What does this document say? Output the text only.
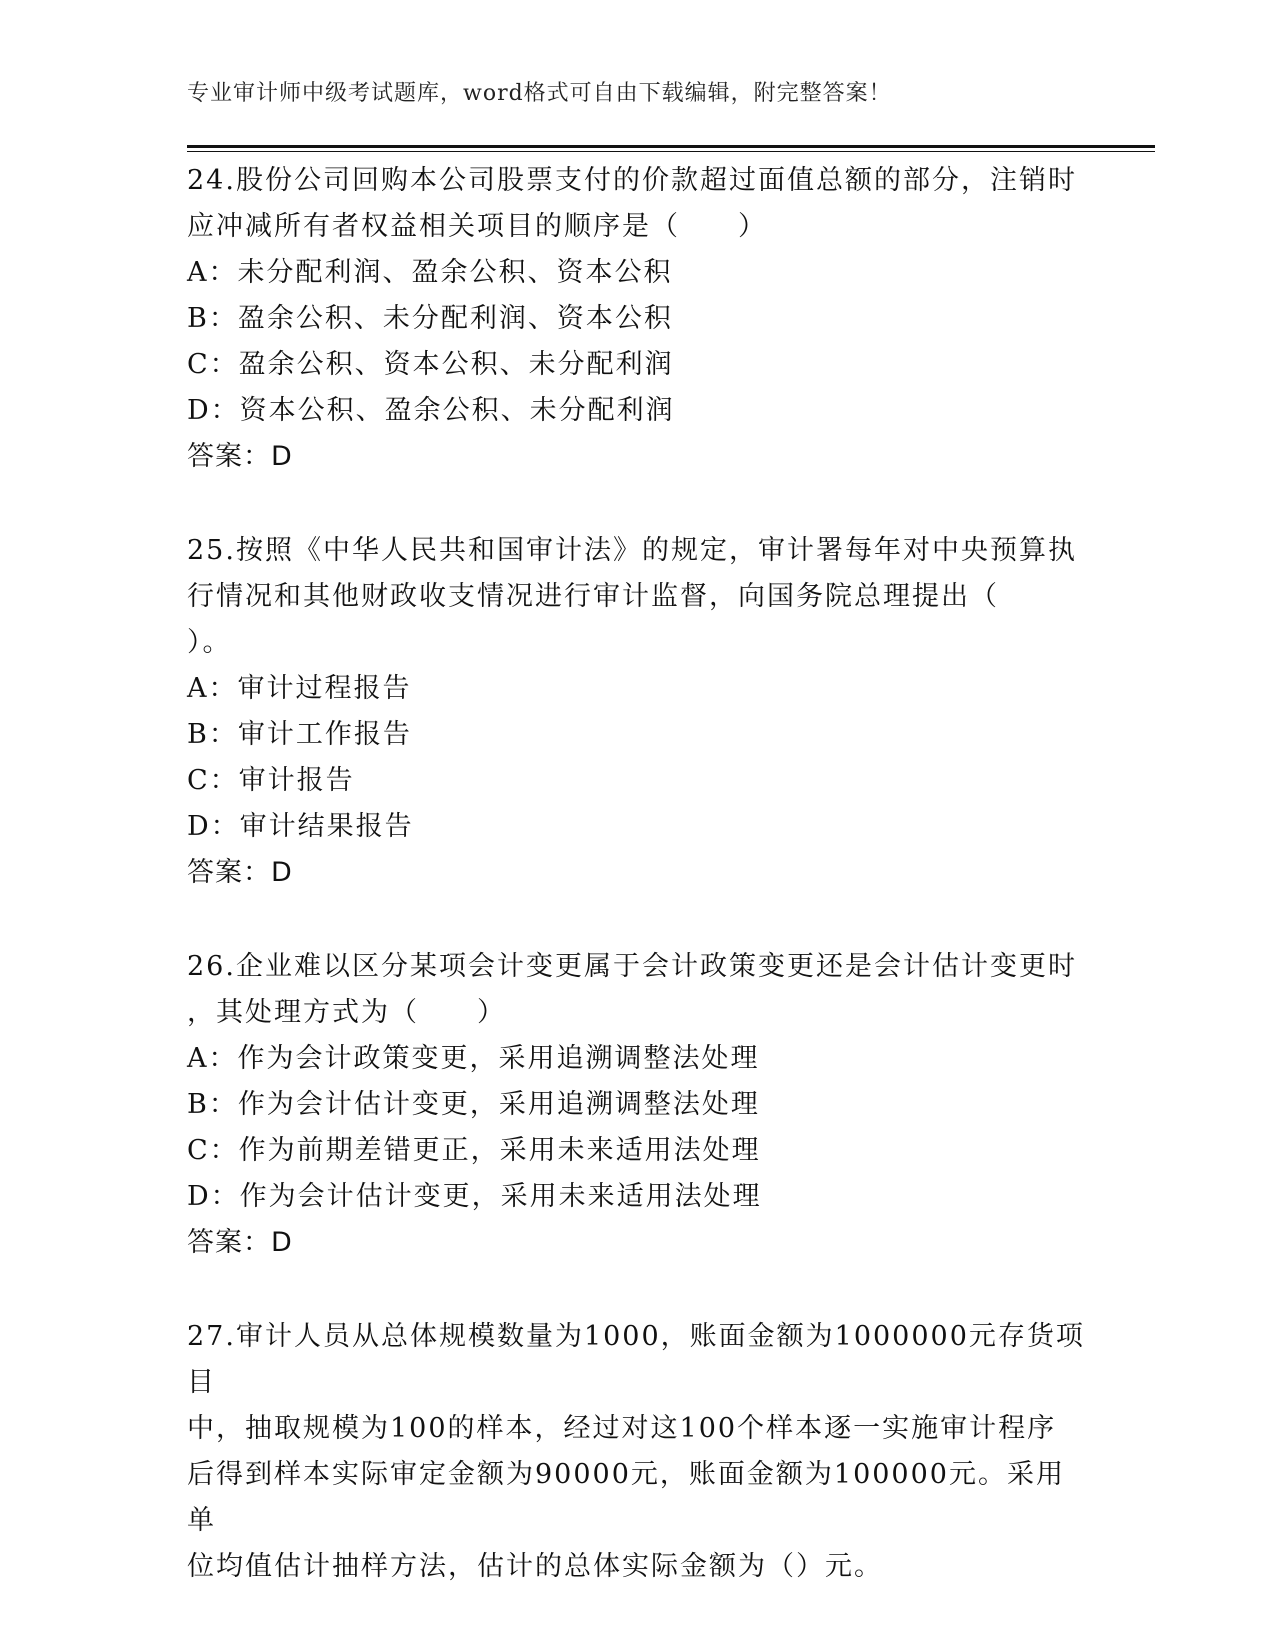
专业审计师中级考试题库，word格式可自由下载编辑，附完整答案！
24.股份公司回购本公司股票支付的价款超过面值总额的部分，注销时
应冲减所有者权益相关项目的顺序是（　　）
A：未分配利润、盈余公积、资本公积
B：盈余公积、未分配利润、资本公积
C：盈余公积、资本公积、未分配利润
D：资本公积、盈余公积、未分配利润
答案：D
25.按照《中华人民共和国审计法》的规定，审计署每年对中央预算执
行情况和其他财政收支情况进行审计监督，向国务院总理提出（
）。
A：审计过程报告
B：审计工作报告
C：审计报告
D：审计结果报告
答案：D
26.企业难以区分某项会计变更属于会计政策变更还是会计估计变更时
，其处理方式为（　　）
A：作为会计政策变更，采用追溯调整法处理
B：作为会计估计变更，采用追溯调整法处理
C：作为前期差错更正，采用未来适用法处理
D：作为会计估计变更，采用未来适用法处理
答案：D
27.审计人员从总体规模数量为1000，账面金额为1000000元存货项目
中，抽取规模为100的样本，经过对这100个样本逐一实施审计程序
后得到样本实际审定金额为90000元，账面金额为100000元。采用单
位均值估计抽样方法，估计的总体实际金额为（）元。
